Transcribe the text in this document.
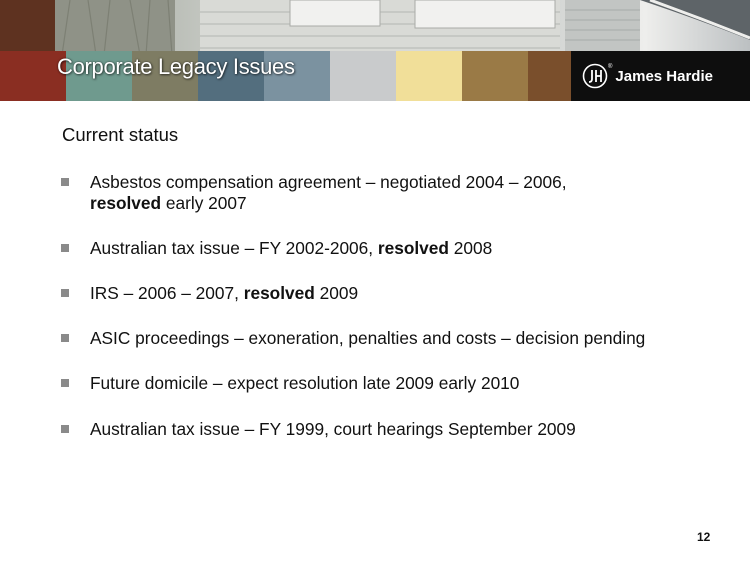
Corporate Legacy Issues	®
James Hardie
Current status
Asbestos compensation agreement – negotiated 2004 – 2006,
resolved early 2007
Australian tax issue – FY 2002-2006, resolved 2008
IRS – 2006 – 2007, resolved 2009
ASIC proceedings – exoneration, penalties and costs – decision pending
Future domicile – expect resolution late 2009 early 2010
Australian tax issue – FY 1999, court hearings September 2009
12
